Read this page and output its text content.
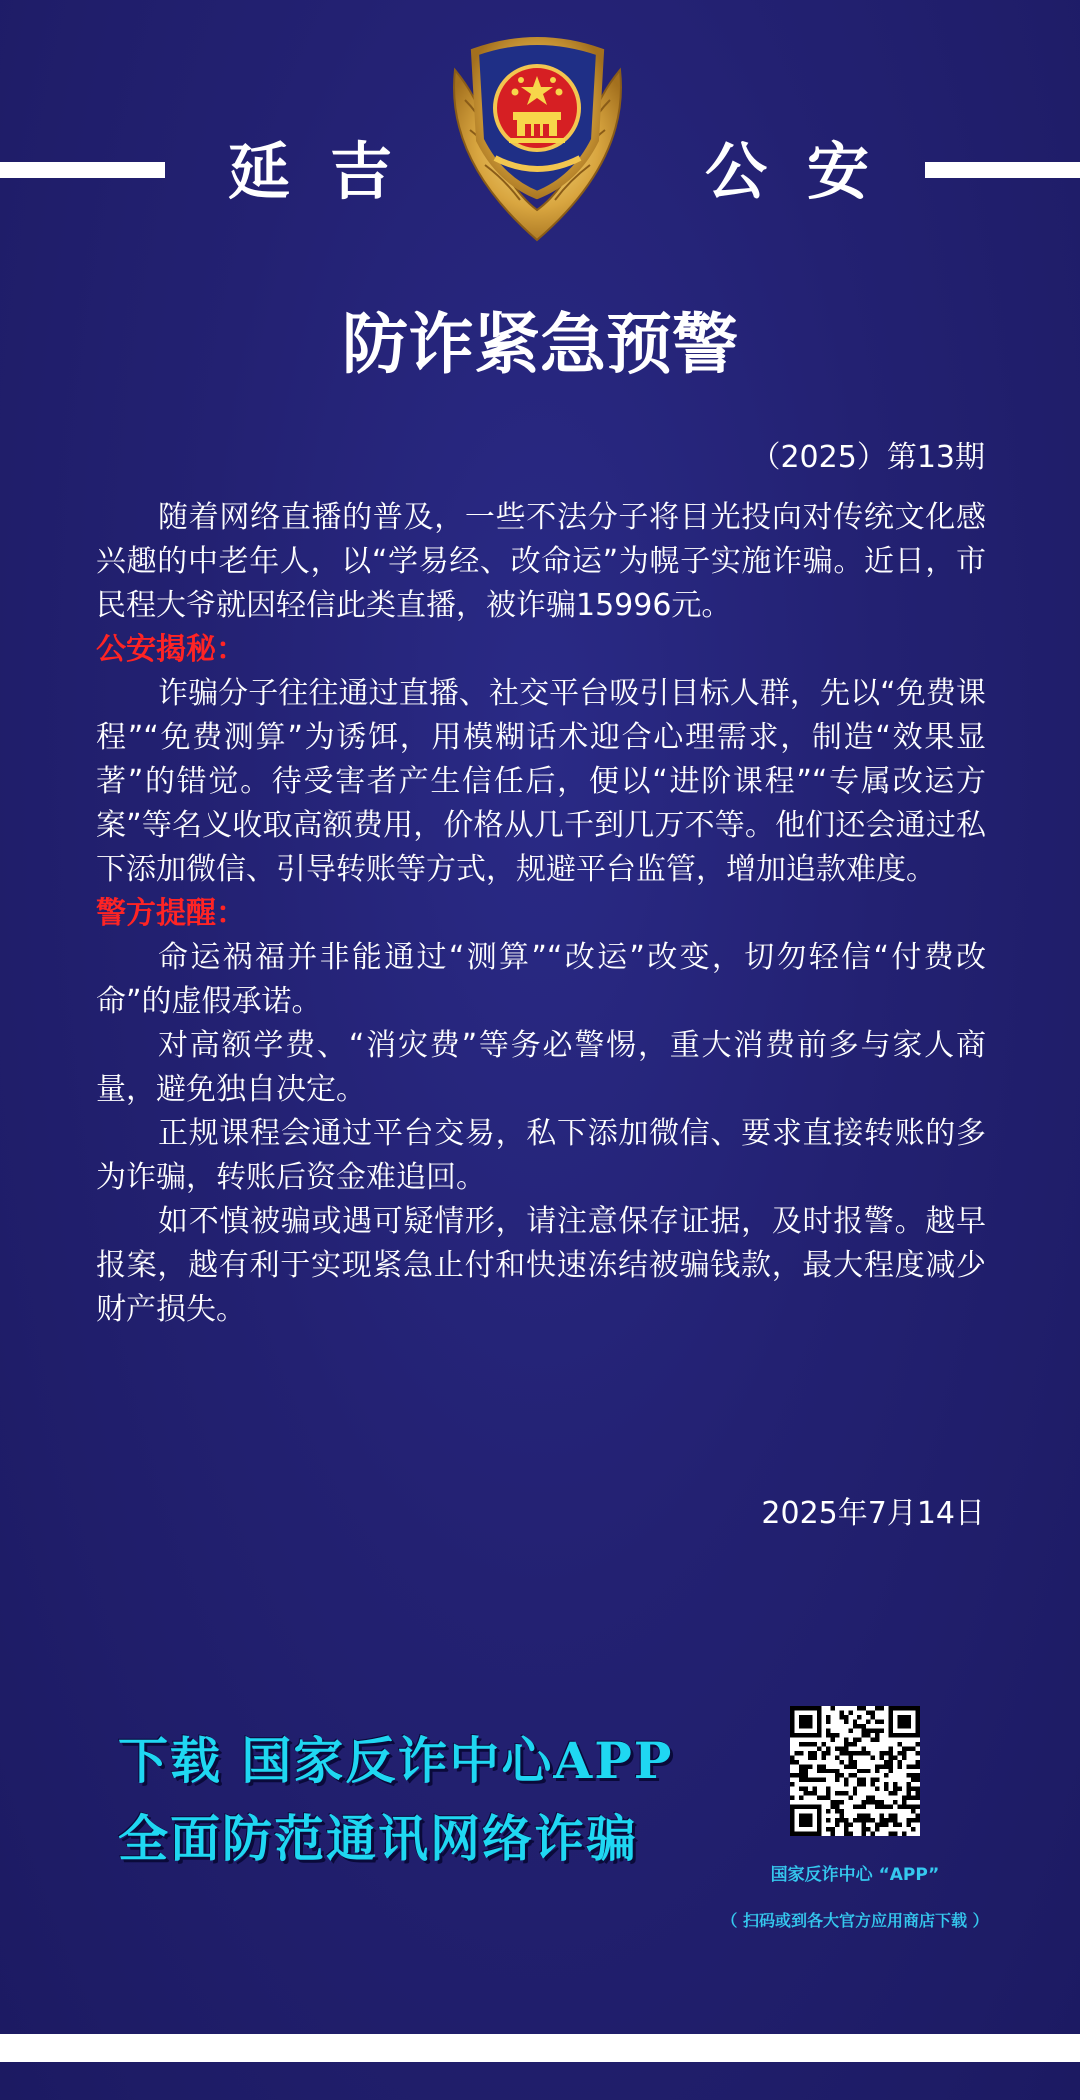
延吉	公安
防诈紧急预警
（2025）第13期

随着网络直播的普及，一些不法分子将目光投向对传统文化感兴趣的中老年人，以“学易经、改命运”为幌子实施诈骗。近日，市民程大爷就因轻信此类直播，被诈骗15996元。

公安揭秘：

诈骗分子往往通过直播、社交平台吸引目标人群，先以“免费课程”“免费测算”为诱饵，用模糊话术迎合心理需求，制造“效果显著”的错觉。待受害者产生信任后，便以“进阶课程”“专属改运方案”等名义收取高额费用，价格从几千到几万不等。他们还会通过私下添加微信、引导转账等方式，规避平台监管，增加追款难度。

警方提醒：

命运祸福并非能通过“测算”“改运”改变，切勿轻信“付费改命”的虚假承诺。

对高额学费、“消灾费”等务必警惕，重大消费前多与家人商量，避免独自决定。

正规课程会通过平台交易，私下添加微信、要求直接转账的多为诈骗，转账后资金难追回。

如不慎被骗或遇可疑情形，请注意保存证据，及时报警。越早报案，越有利于实现紧急止付和快速冻结被骗钱款，最大程度减少财产损失。

2025年7月14日
下载 国家反诈中心APP
全面防范通讯网络诈骗
国家反诈中心 “APP”
（ 扫码或到各大官方应用商店下载 ）
